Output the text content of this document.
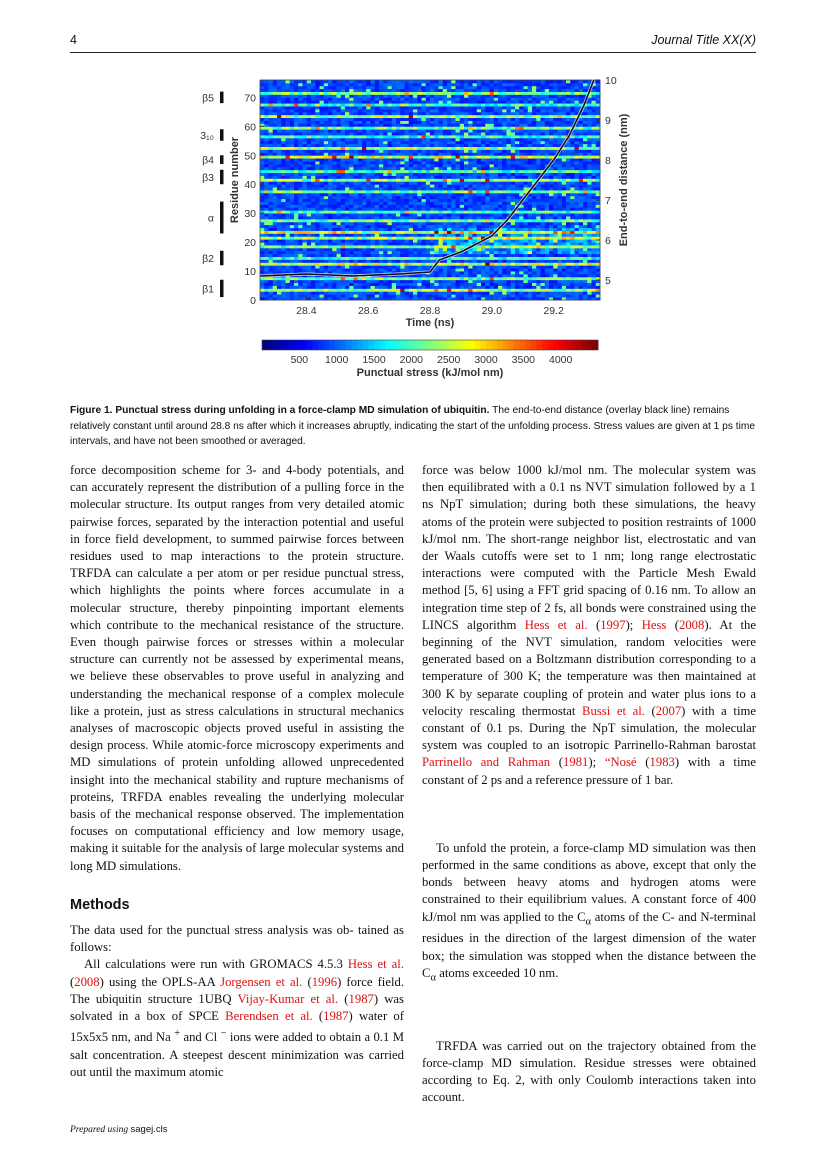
4	Journal Title XX(X)
β5
3₁₀
β4
β3
α
β2
β1
28.4	28.6	28.8	29.0	29.2
Time (ns)
0
10
20
30
40
50
60
70
Residue number
5
6
7
8
9
10
End-to-end distance (nm)
500 1000 1500 2000 2500 3000 3500 4000
Punctual stress (kJ/mol nm)
Figure 1. Punctual stress during unfolding in a force-clamp MD simulation of ubiquitin. The end-to-end distance (overlay black line) remains relatively constant until around 28.8 ns after which it increases abruptly, indicating the start of the unfolding process. Stress values are given at 1 ps time intervals, and have not been smoothed or averaged.

force decomposition scheme for 3- and 4-body potentials, and can accurately represent the distribution of a pulling force in the molecular structure. Its output ranges from very detailed atomic pairwise forces, separated by the interaction potential and useful in force field development, to summed pairwise forces between residues used to map interactions to the protein structure. TRFDA can calculate a per atom or per residue punctual stress, which highlights the points where forces accumulate in a molecular structure, thereby pinpointing important elements which contribute to the mechanical resistance of the structure. Even though pairwise forces or stresses within a molecular structure can currently not be assessed by experimental means, we believe these observables to prove useful in analyzing and understanding the mechanical response of a complex molecule like a protein, just as stress calculations in structural mechanics analyses of macroscopic objects proved useful in assisting the design process. While atomic-force microscopy experiments and MD simulations of protein unfolding allowed unprecedented insight into the mechanical stability and rupture mechanisms of proteins, TRFDA enables revealing the underlying molecular basis of the mechanical response observed. The implementation focuses on computational efficiency and low memory usage, making it suitable for the analysis of large molecular systems and long MD simulations.

Methods

The data used for the punctual stress analysis was ob- tained as follows:

All calculations were run with GROMACS 4.5.3 Hess et al. (2008) using the OPLS-AA Jorgensen et al. (1996) force field. The ubiquitin structure 1UBQ Vijay-Kumar et al. (1987) was solvated in a box of SPCE Berendsen et al. (1987) water of 15x5x5 nm, and Na + and Cl − ions were added to obtain a 0.1 M salt concentration. A steepest descent minimization was carried out until the maximum atomic

force was below 1000 kJ/mol nm. The molecular system was then equilibrated with a 0.1 ns NVT simulation followed by a 1 ns NpT simulation; during both these simulations, the heavy atoms of the protein were subjected to position restraints of 1000 kJ/mol nm. The short-range neighbor list, electrostatic and van der Waals cutoffs were set to 1 nm; long range electrostatic interactions were computed with the Particle Mesh Ewald method [5, 6] using a FFT grid spacing of 0.16 nm. To allow an integration time step of 2 fs, all bonds were constrained using the LINCS algorithm Hess et al. (1997); Hess (2008). At the beginning of the NVT simulation, random velocities were generated based on a Boltzmann distribution corresponding to a temperature of 300 K; the temperature was then maintained at 300 K by separate coupling of protein and water plus ions to a velocity rescaling thermostat Bussi et al. (2007) with a time constant of 0.1 ps. During the NpT simulation, the molecular system was coupled to an isotropic Parrinello-Rahman barostat Parrinello and Rahman (1981); “Nosé (1983) with a time constant of 2 ps and a reference pressure of 1 bar.

To unfold the protein, a force-clamp MD simulation was then performed in the same conditions as above, except that only the bonds between heavy atoms and hydrogen atoms were constrained to their equilibrium values. A constant force of 400 kJ/mol nm was applied to the $C_\alpha$ atoms of the C- and N-terminal residues in the direction of the largest dimension of the water box; the simulation was stopped when the distance between the $C_\alpha$ atoms exceeded 10 nm.

TRFDA was carried out on the trajectory obtained from the force-clamp MD simulation. Residue stresses were obtained according to Eq. 2, with only Coulomb interactions taken into account.

Prepared using sagej.cls
